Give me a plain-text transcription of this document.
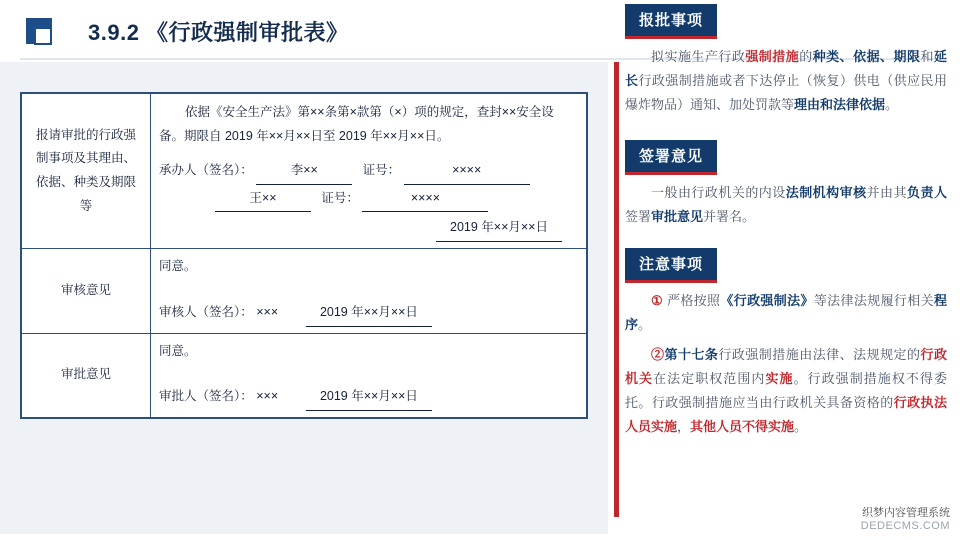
3.9.2 《行政强制审批表》
报请审批的行政强制事项及其理由、依据、种类及期限等	依据《安全生产法》第××条第×款第（×）项的规定，查封××安全设备。期限自 2019 年××月××日至 2019 年××月××日。
承办人（签名）： 李×× 证号： ××××
王×× 证号： ××××
2019 年××月××日

审核意见	同意。
审核人（签名）： ××× 2019 年××月××日

审批意见	同意。
审批人（签名）： ××× 2019 年××月××日
报批事项
拟实施生产行政强制措施的种类、依据、期限和延长行政强制措施或者下达停止（恢复）供电（供应民用爆炸物品）通知、加处罚款等理由和法律依据。
签署意见
一般由行政机关的内设法制机构审核并由其负责人签署审批意见并署名。
注意事项
① 严格按照《行政强制法》等法律法规履行相关程序。
②第十七条行政强制措施由法律、法规规定的行政机关在法定职权范围内实施。行政强制措施权不得委托。行政强制措施应当由行政机关具备资格的行政执法人员实施，其他人员不得实施。
织梦内容管理系统
DEDECMS.COM
